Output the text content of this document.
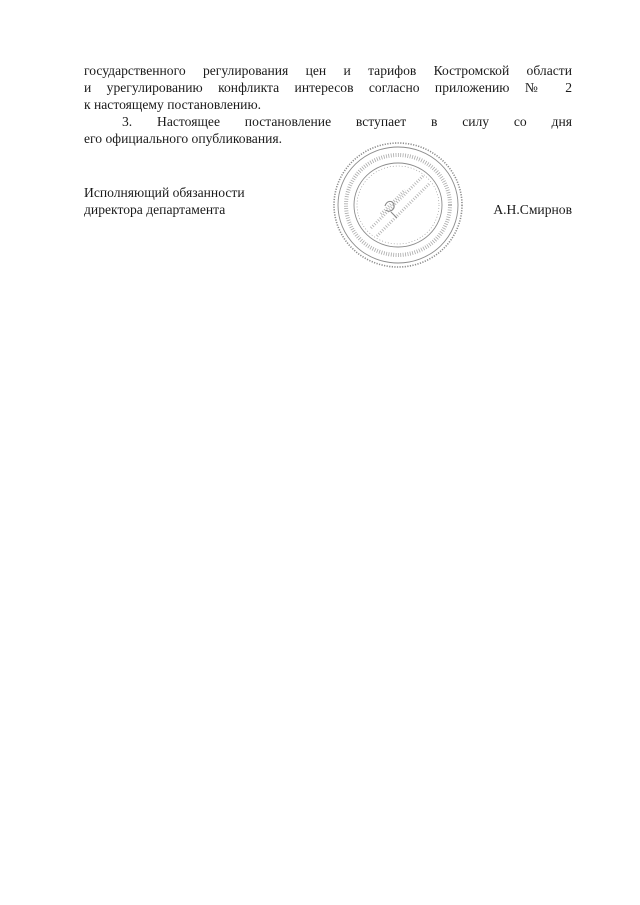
государственного регулирования цен и тарифов Костромской области
и урегулированию конфликта интересов согласно приложению № 2
к настоящему постановлению.
3. Настоящее постановление вступает в силу со дня
его официального опубликования.
Исполняющий обязанности
директора департамента	А.Н.Смирнов
